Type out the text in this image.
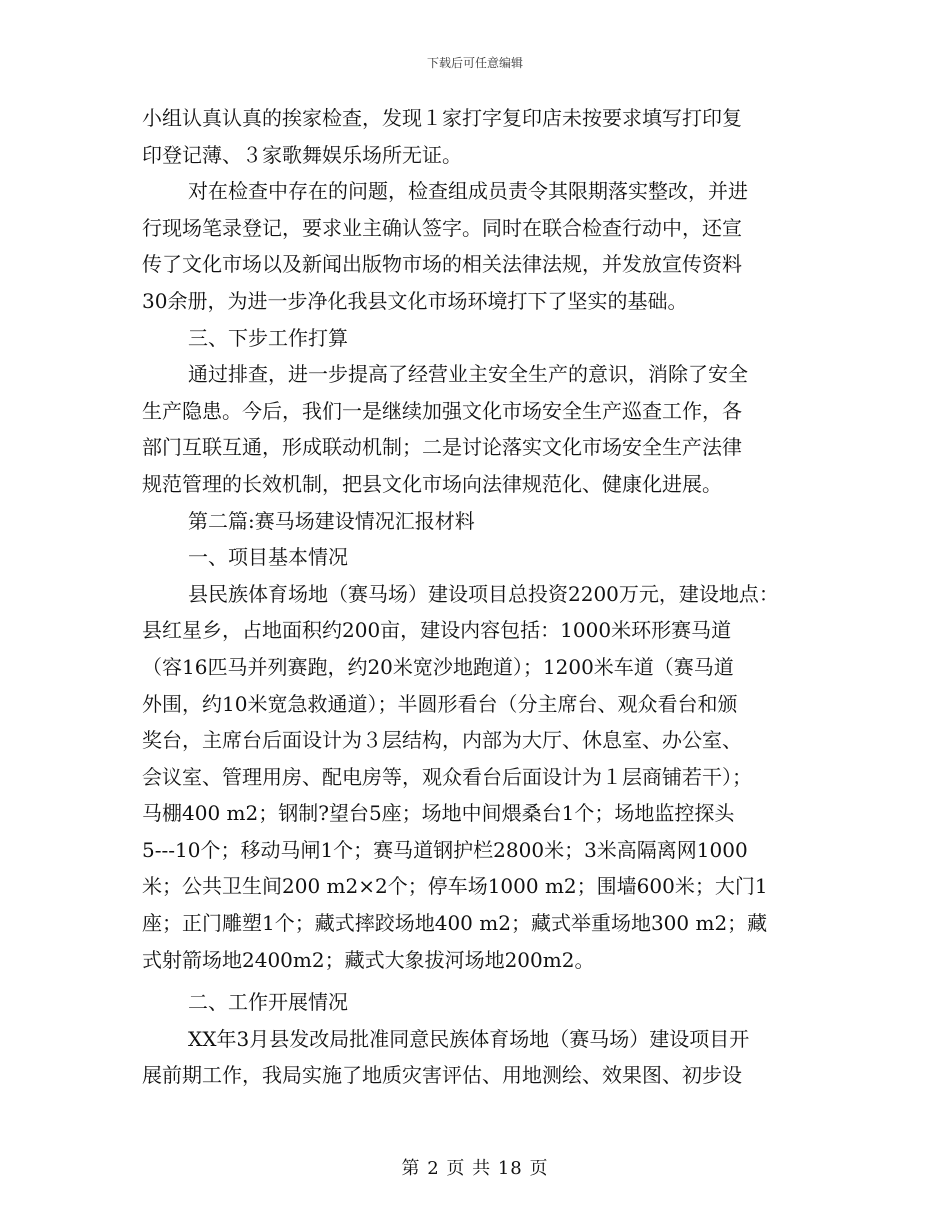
下载后可任意编辑
小组认真认真的挨家检查，发现１家打字复印店未按要求填写打印复
印登记薄、３家歌舞娱乐场所无证。
对在检查中存在的问题，检查组成员责令其限期落实整改，并进
行现场笔录登记，要求业主确认签字。同时在联合检查行动中，还宣
传了文化市场以及新闻出版物市场的相关法律法规，并发放宣传资料
30余册，为进一步净化我县文化市场环境打下了坚实的基础。
三、下步工作打算
通过排查，进一步提高了经营业主安全生产的意识，消除了安全
生产隐患。今后，我们一是继续加强文化市场安全生产巡查工作，各
部门互联互通，形成联动机制；二是讨论落实文化市场安全生产法律
规范管理的长效机制，把县文化市场向法律规范化、健康化进展。
第二篇:赛马场建设情况汇报材料
一、项目基本情况
县民族体育场地（赛马场）建设项目总投资2200万元，建设地点：
县红星乡，占地面积约200亩，建设内容包括：1000米环形赛马道
（容16匹马并列赛跑，约20米宽沙地跑道）；1200米车道（赛马道
外围，约10米宽急救通道）；半圆形看台（分主席台、观众看台和颁
奖台，主席台后面设计为３层结构，内部为大厅、休息室、办公室、
会议室、管理用房、配电房等，观众看台后面设计为１层商铺若干）；
马棚400 m2；钢制?望台5座；场地中间煨桑台1个；场地监控探头
5---10个；移动马闸1个；赛马道钢护栏2800米；3米高隔离网1000
米；公共卫生间200 m2×2个；停车场1000 m2；围墙600米；大门1
座；正门雕塑1个；藏式摔跤场地400 m2；藏式举重场地300 m2；藏
式射箭场地2400m2；藏式大象拔河场地200m2。
二、工作开展情况
XX年3月县发改局批准同意民族体育场地（赛马场）建设项目开
展前期工作，我局实施了地质灾害评估、用地测绘、效果图、初步设
第 2 页 共 18 页
